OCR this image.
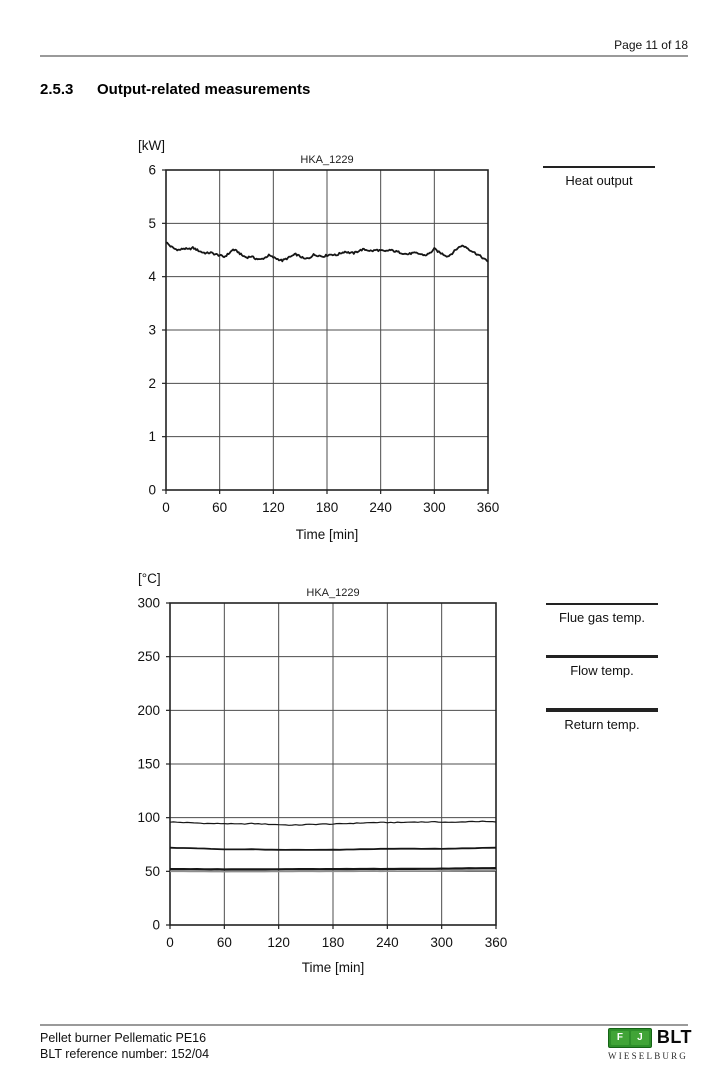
Page 11 of 18
2.5.3 Output-related measurements
[kW]
HKA_1229
0	60	120 180 240 300 360
0
1
2
3
4
5
6
Time [min]
Heat output
[°C]
HKA_1229
0	60	120 180 240 300 360
0
50
100
150
200
250
300
Time [min]
Flue gas temp.
Flow temp.
Return temp.
Pellet burner Pellematic PE16
BLT reference number: 152/04
F	J BLT
WIESELBURG
